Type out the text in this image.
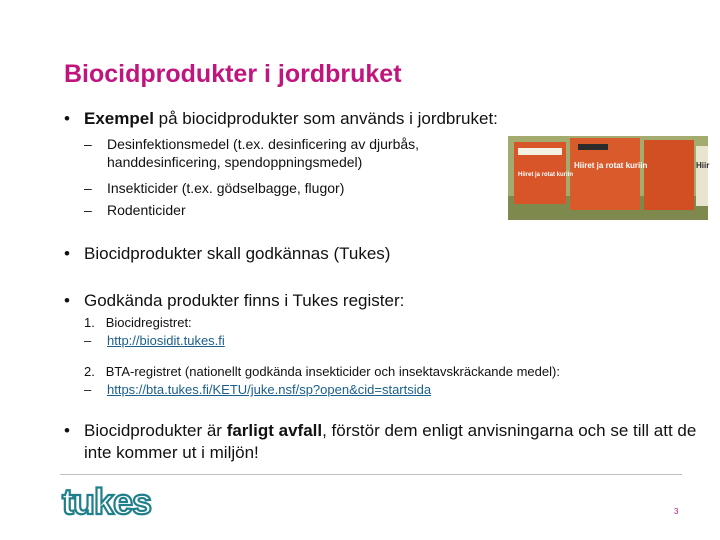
Biocidprodukter i jordbruket
• Exempel på biocidprodukter som används i jordbruket:
– Desinfektionsmedel (t.ex. desinficering av djurbås, handdesinficering, spendoppningsmedel)
– Insekticider (t.ex. gödselbagge, flugor)
– Rodenticider
• Biocidprodukter skall godkännas (Tukes)
• Godkända produkter finns i Tukes register:
1. Biocidregistret:
– http://biosidit.tukes.fi
2. BTA-registret (nationellt godkända insekticider och insektavskräckande medel):
– https://bta.tukes.fi/KETU/juke.nsf/sp?open&cid=startsida
• Biocidprodukter är farligt avfall, förstör dem enligt anvisningarna och se till att de inte kommer ut i miljön!
Hiiret ja rotat kuriin
Hiiret ja rotat kuriin
Hiir
tukes	3
